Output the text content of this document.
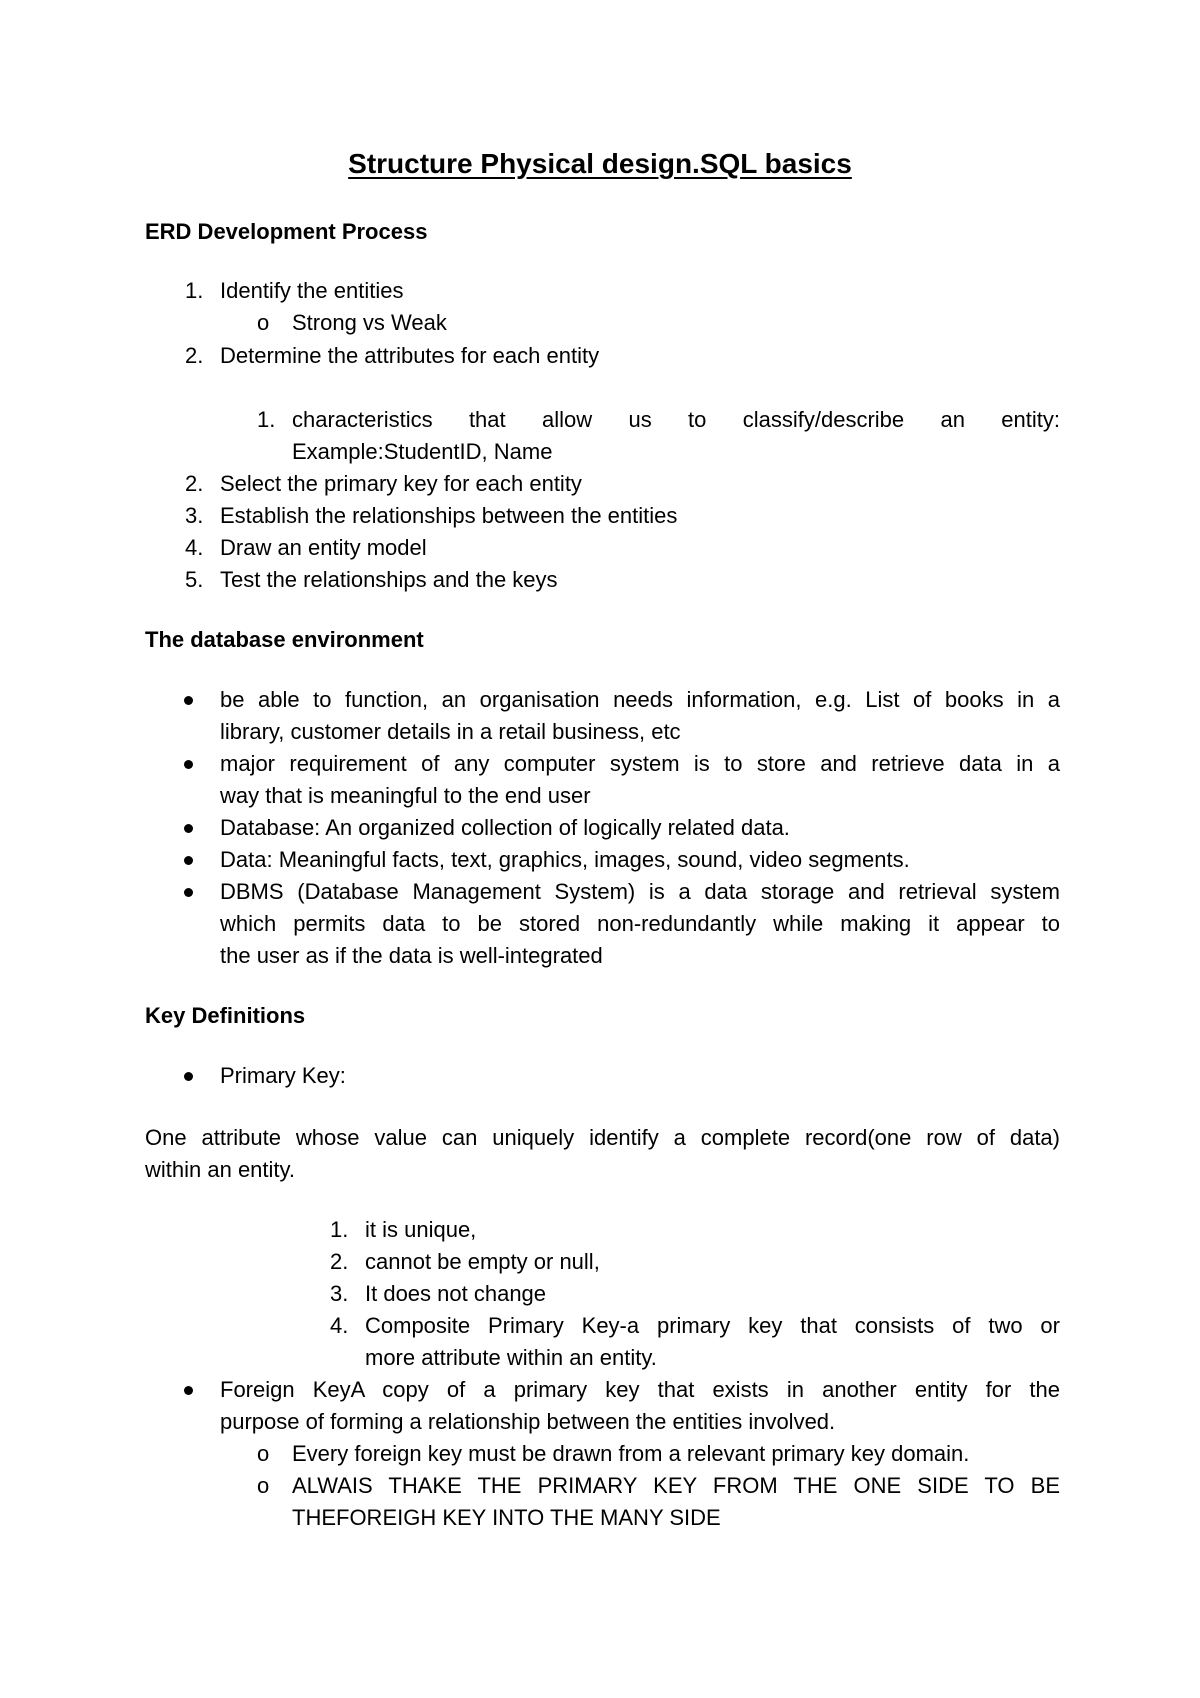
Structure Physical design.SQL basics
ERD Development Process
1. Identify the entities
o Strong vs Weak
2. Determine the attributes for each entity
1. characteristics that allow us to classify/describe an entity:
Example:StudentID, Name
2. Select the primary key for each entity
3. Establish the relationships between the entities
4. Draw an entity model
5. Test the relationships and the keys
The database environment
be able to function, an organisation needs information, e.g. List of books in a
library, customer details in a retail business, etc
major requirement of any computer system is to store and retrieve data in a
way that is meaningful to the end user
Database: An organized collection of logically related data.
Data: Meaningful facts, text, graphics, images, sound, video segments.
DBMS (Database Management System) is a data storage and retrieval system
which permits data to be stored non-redundantly while making it appear to
the user as if the data is well-integrated
Key Definitions
Primary Key:
One attribute whose value can uniquely identify a complete record(one row of data)
within an entity.
1. it is unique,
2. cannot be empty or null,
3. It does not change
4. Composite Primary Key-a primary key that consists of two or
more attribute within an entity.
Foreign KeyA copy of a primary key that exists in another entity for the
purpose of forming a relationship between the entities involved.
o Every foreign key must be drawn from a relevant primary key domain.
o ALWAIS THAKE THE PRIMARY KEY FROM THE ONE SIDE TO BE
THEFOREIGH KEY INTO THE MANY SIDE
